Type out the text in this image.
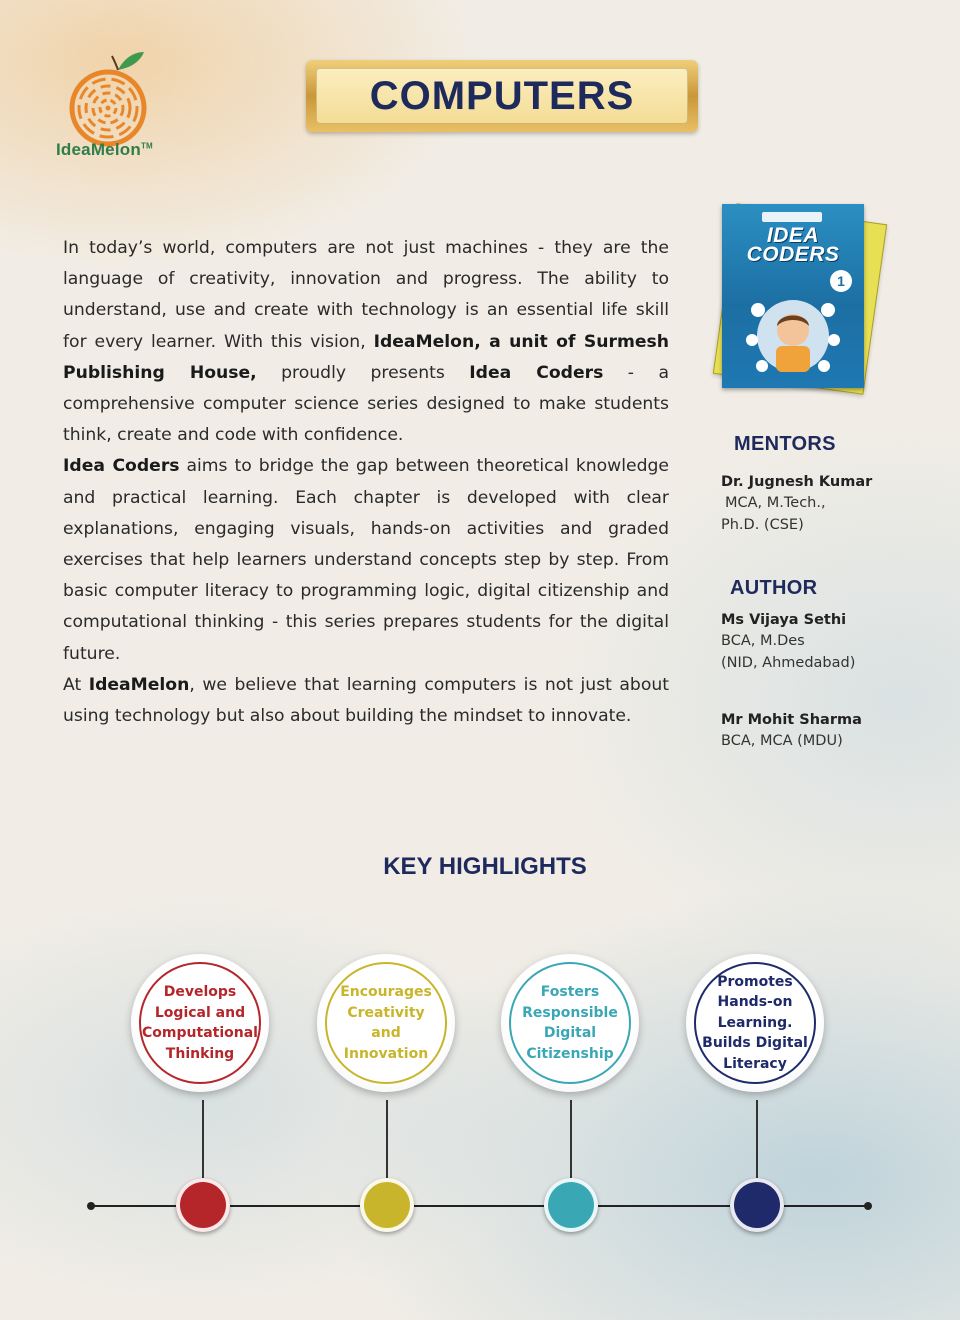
IdeaMelon™
COMPUTERS

In today’s world, computers are not just machines - they are the language of creativity, innovation and progress. The ability to understand, use and create with technology is an essential life skill for every learner. With this vision, IdeaMelon, a unit of Surmesh Publishing House, proudly presents Idea Coders - a comprehensive computer science series designed to make students think, create and code with confidence.

Idea Coders aims to bridge the gap between theoretical knowledge and practical learning. Each chapter is developed with clear explanations, engaging visuals, hands-on activities and graded exercises that help learners understand concepts step by step. From basic computer literacy to programming logic, digital citizenship and computational thinking - this series prepares students for the digital future.

At IdeaMelon, we believe that learning computers is not just about using technology but also about building the mindset to innovate.

IDEA
CODERS
1
MENTORS
Dr. Jugnesh Kumar
MCA, M.Tech.,
Ph.D. (CSE)
AUTHOR
Ms Vijaya Sethi
BCA, M.Des
(NID, Ahmedabad)
Mr Mohit Sharma
BCA, MCA (MDU)
KEY HIGHLIGHTS
Develops
Logical and
Computational
Thinking
Encourages
Creativity
and
Innovation
Fosters
Responsible
Digital
Citizenship
Promotes
Hands-on
Learning.
Builds Digital
Literacy
